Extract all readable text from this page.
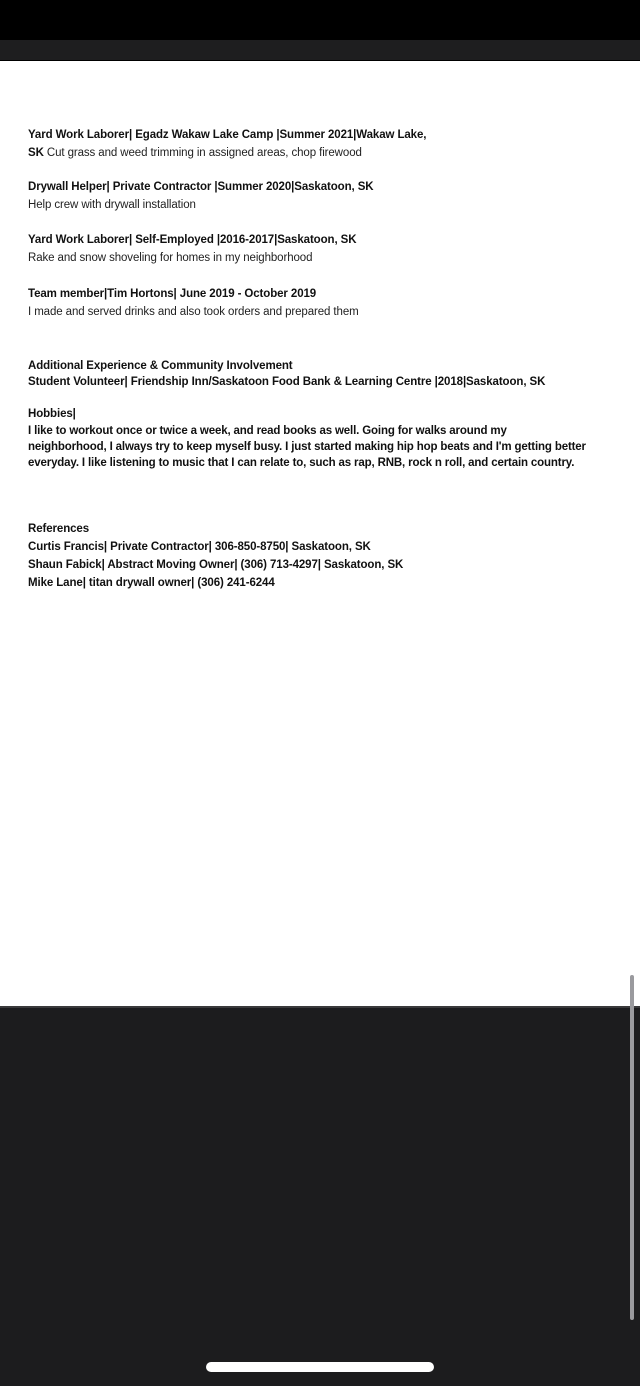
Yard Work Laborer| Egadz Wakaw Lake Camp |Summer 2021|Wakaw Lake,
SK Cut grass and weed trimming in assigned areas, chop firewood
Drywall Helper| Private Contractor |Summer 2020|Saskatoon, SK
Help crew with drywall installation
Yard Work Laborer| Self-Employed |2016-2017|Saskatoon, SK
Rake and snow shoveling for homes in my neighborhood
Team member|Tim Hortons| June 2019 - October 2019
I made and served drinks and also took orders and prepared them
Additional Experience & Community Involvement
Student Volunteer| Friendship Inn/Saskatoon Food Bank & Learning Centre |2018|Saskatoon, SK
Hobbies|
I like to workout once or twice a week, and read books as well. Going for walks around my neighborhood, I always try to keep myself busy. I just started making hip hop beats and I'm getting better everyday. I like listening to music that I can relate to, such as rap, RNB, rock n roll, and certain country.
References
Curtis Francis| Private Contractor| 306-850-8750| Saskatoon, SK
Shaun Fabick| Abstract Moving Owner| (306) 713-4297| Saskatoon, SK
Mike Lane| titan drywall owner| (306) 241-6244
